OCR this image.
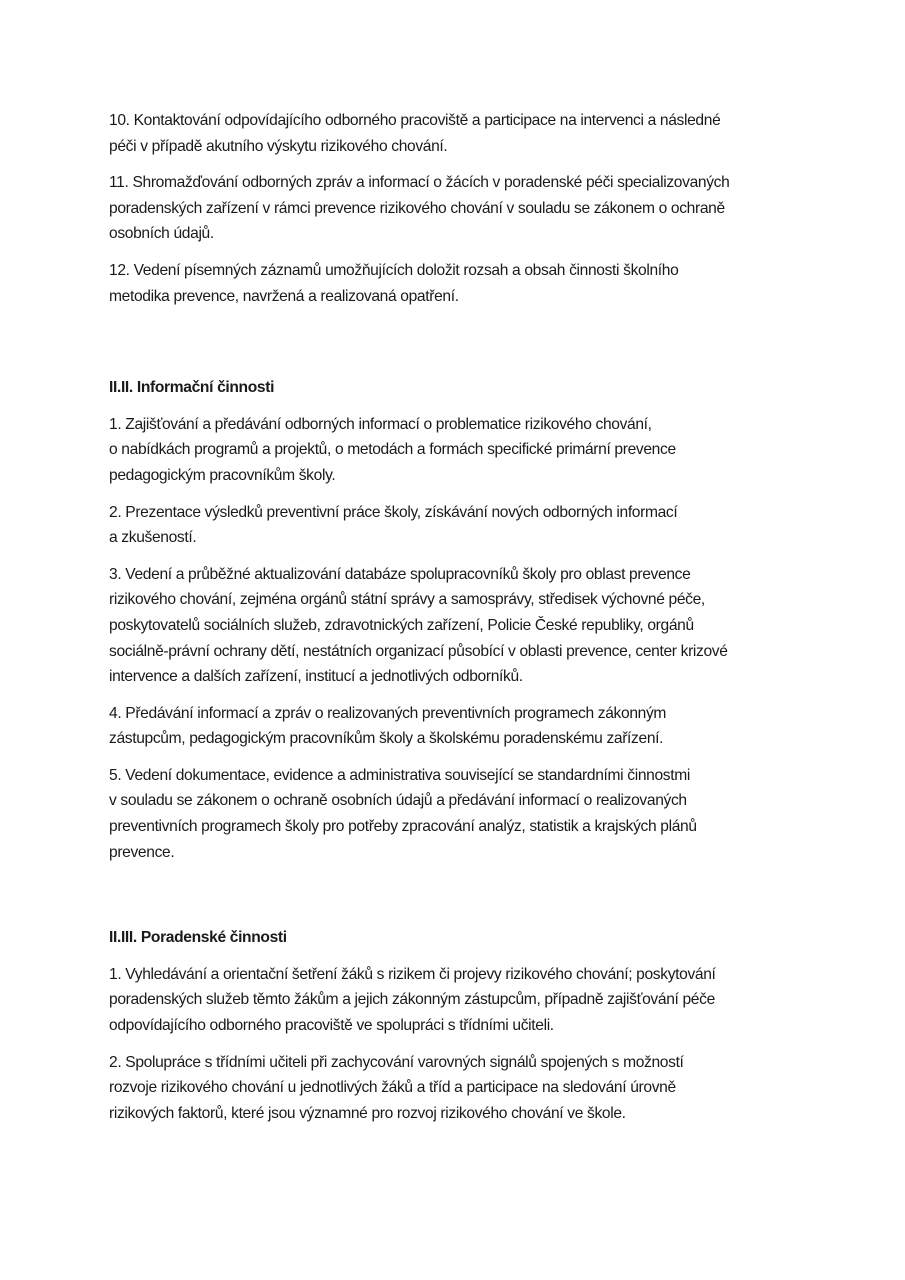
10. Kontaktování odpovídajícího odborného pracoviště a participace na intervenci a následné
péči v případě akutního výskytu rizikového chování.

11. Shromažďování odborných zpráv a informací o žácích v poradenské péči specializovaných
poradenských zařízení v rámci prevence rizikového chování v souladu se zákonem o ochraně
osobních údajů.

12. Vedení písemných záznamů umožňujících doložit rozsah a obsah činnosti školního
metodika prevence, navržená a realizovaná opatření.

II.II. Informační činnosti

1. Zajišťování a předávání odborných informací o problematice rizikového chování,
o nabídkách programů a projektů, o metodách a formách specifické primární prevence
pedagogickým pracovníkům školy.

2. Prezentace výsledků preventivní práce školy, získávání nových odborných informací
a zkušeností.

3. Vedení a průběžné aktualizování databáze spolupracovníků školy pro oblast prevence
rizikového chování, zejména orgánů státní správy a samosprávy, středisek výchovné péče,
poskytovatelů sociálních služeb, zdravotnických zařízení, Policie České republiky, orgánů
sociálně-právní ochrany dětí, nestátních organizací působící v oblasti prevence, center krizové
intervence a dalších zařízení, institucí a jednotlivých odborníků.

4. Předávání informací a zpráv o realizovaných preventivních programech zákonným
zástupcům, pedagogickým pracovníkům školy a školskému poradenskému zařízení.

5. Vedení dokumentace, evidence a administrativa související se standardními činnostmi
v souladu se zákonem o ochraně osobních údajů a předávání informací o realizovaných
preventivních programech školy pro potřeby zpracování analýz, statistik a krajských plánů
prevence.

II.III. Poradenské činnosti

1. Vyhledávání a orientační šetření žáků s rizikem či projevy rizikového chování; poskytování
poradenských služeb těmto žákům a jejich zákonným zástupcům, případně zajišťování péče
odpovídajícího odborného pracoviště ve spolupráci s třídními učiteli.

2. Spolupráce s třídními učiteli při zachycování varovných signálů spojených s možností
rozvoje rizikového chování u jednotlivých žáků a tříd a participace na sledování úrovně
rizikových faktorů, které jsou významné pro rozvoj rizikového chování ve škole.
